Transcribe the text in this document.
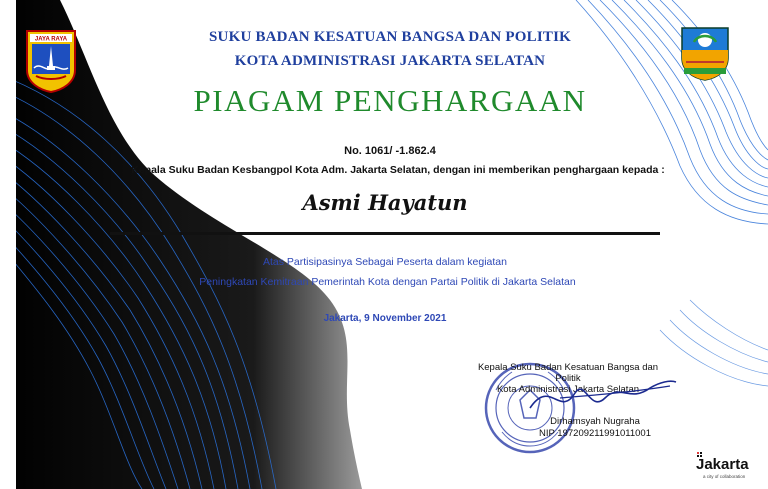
JAYA RAYA	SUKU BADAN KESATUAN BANGSA DAN POLITIK
KOTA ADMINISTRASI JAKARTA SELATAN
PIAGAM PENGHARGAAN
No. 1061/ -1.862.4
Kepala Suku Badan Kesbangpol Kota Adm. Jakarta Selatan, dengan ini memberikan penghargaan kepada :
Asmi Hayatun
Atas Partisipasinya Sebagai Peserta dalam kegiatan
Peningkatan Kemitraan Pemerintah Kota dengan Partai Politik di Jakarta Selatan
Jakarta, 9 November 2021
Kepala Suku Badan Kesatuan Bangsa dan Politik
Kota Administrasi Jakarta Selatan
Dirhamsyah Nugraha
NIP 197209211991011001
Jakarta
a city of collaboration
